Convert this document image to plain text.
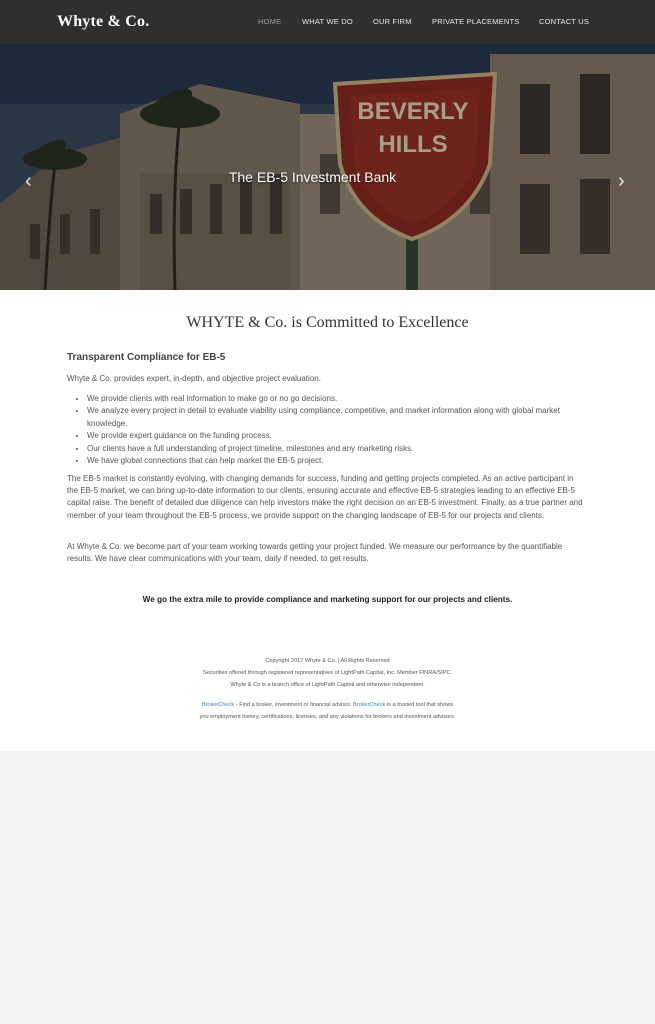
Whyte & Co.	HOME	WHAT WE DO	OUR FIRM	PRIVATE PLACEMENTS	CONTACT US
BEVERLY
HILLS
The EB-5 Investment Bank
‹	›
WHYTE & Co. is Committed to Excellence
Transparent Compliance for EB-5
Whyte & Co. provides expert, in-depth, and objective project evaluation.
• We provide clients with real information to make go or no go decisions.
• We analyze every project in detail to evaluate viability using compliance, competitive, and market information along with global market knowledge.
• We provide expert guidance on the funding process.
• Our clients have a full understanding of project timeline, milestones and any marketing risks.
• We have global connections that can help market the EB-5 project.
The EB-5 market is constantly evolving, with changing demands for success, funding and getting projects completed. As an active participant in the EB-5 market, we can bring up-to-date information to our clients, ensuring accurate and effective EB-5 strategies leading to an effective EB-5 capital raise. The benefit of detailed due diligence can help investors make the right decision on an EB-5 investment. Finally, as a true partner and member of your team throughout the EB-5 process, we provide support on the changing landscape of EB-5 for our projects and clients.
At Whyte & Co. we become part of your team working towards getting your project funded. We measure our performance by the quantifiable results. We have clear communications with your team, daily if needed, to get results.
We go the extra mile to provide compliance and marketing support for our projects and clients.
Copyright 2017 Whyte & Co. | All Rights Reserved
Securities offered through registered representatives of LightPath Capital, Inc. Member FINRA/SIPC.
Whyte & Co is a branch office of LightPath Capital and otherwise independent.
BrokerCheck - Find a broker, investment or financial advisor. BrokerCheck is a trusted tool that shows
you employment history, certifications, licenses, and any violations for brokers and investment advisors.
